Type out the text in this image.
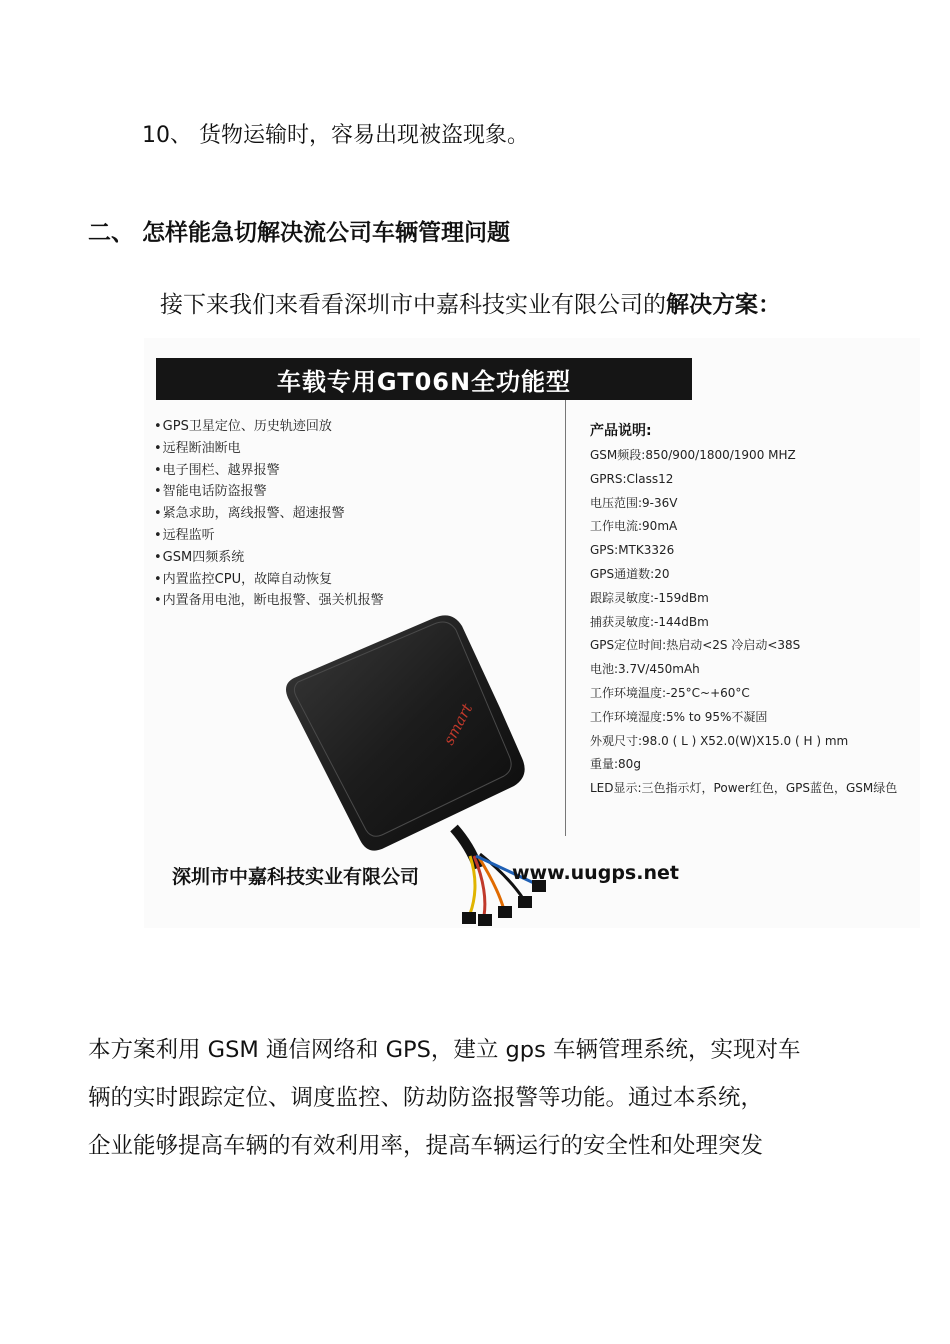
10、 货物运输时，容易出现被盗现象。
二、 怎样能急切解决流公司车辆管理问题
接下来我们来看看深圳市中嘉科技实业有限公司的解决方案：
车载专用GT06N全功能型
• GPS卫星定位、历史轨迹回放
• 远程断油断电
• 电子围栏、越界报警
• 智能电话防盗报警
• 紧急求助，离线报警、超速报警
• 远程监听
• GSM四频系统
• 内置监控CPU，故障自动恢复
• 内置备用电池，断电报警、强关机报警
产品说明:
GSM频段:850/900/1800/1900 MHZ
GPRS:Class12
电压范围:9-36V
工作电流:90mA
GPS:MTK3326
GPS通道数:20
跟踪灵敏度:-159dBm
捕获灵敏度:-144dBm
GPS定位时间:热启动<2S 冷启动<38S
电池:3.7V/450mAh
工作环境温度:-25°C~+60°C
工作环境湿度:5% to 95%不凝固
外观尺寸:98.0 ( L ) X52.0(W)X15.0 ( H ) mm
重量:80g
LED显示:三色指示灯，Power红色，GPS蓝色，GSM绿色
smart
深圳市中嘉科技实业有限公司	www.uugps.net
本方案利用 GSM 通信网络和 GPS，建立 gps 车辆管理系统，实现对车
辆的实时跟踪定位、调度监控、防劫防盗报警等功能。通过本系统，
企业能够提高车辆的有效利用率，提高车辆运行的安全性和处理突发
